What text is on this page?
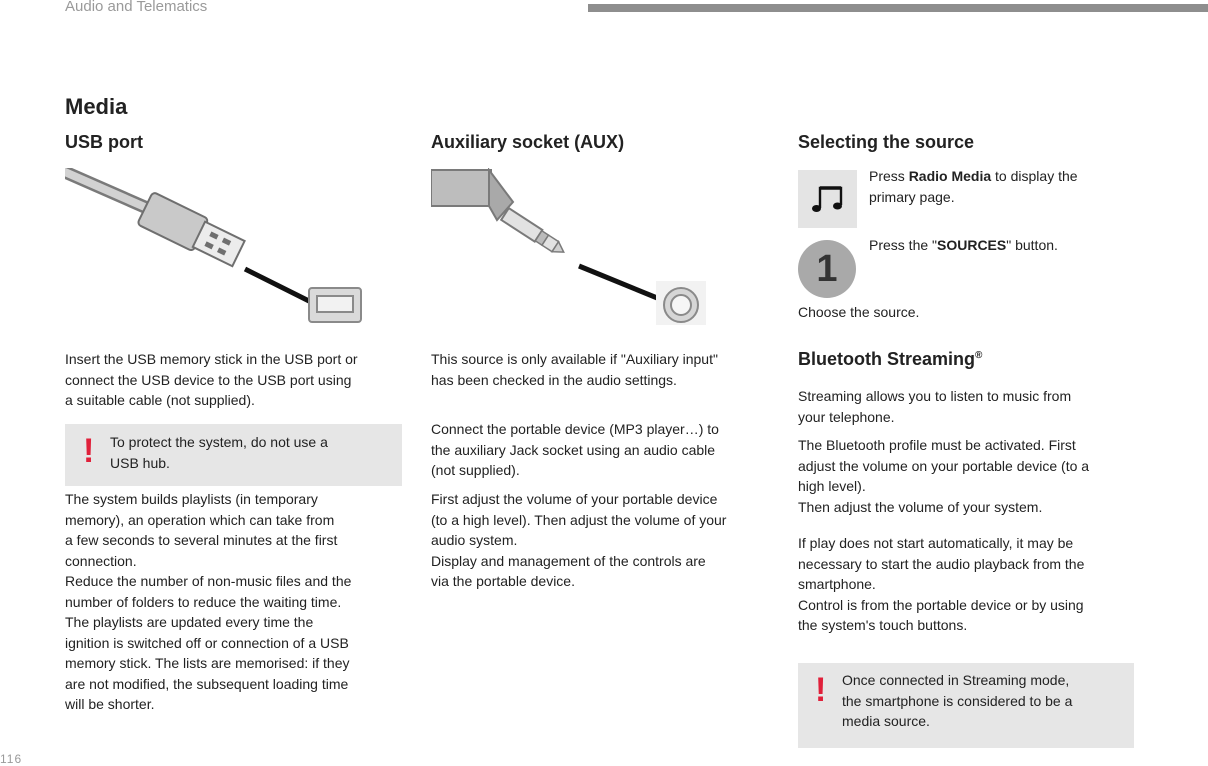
Audio and Telematics
116
Media
USB port
Insert the USB memory stick in the USB port or
connect the USB device to the USB port using
a suitable cable (not supplied).
! To protect the system, do not use a
USB hub.
The system builds playlists (in temporary
memory), an operation which can take from
a few seconds to several minutes at the first
connection.
Reduce the number of non-music files and the
number of folders to reduce the waiting time.
The playlists are updated every time the
ignition is switched off or connection of a USB
memory stick. The lists are memorised: if they
are not modified, the subsequent loading time
will be shorter.
Auxiliary socket (AUX)
This source is only available if "Auxiliary input"
has been checked in the audio settings.
Connect the portable device (MP3 player…) to
the auxiliary Jack socket using an audio cable
(not supplied).
First adjust the volume of your portable device
(to a high level). Then adjust the volume of your
audio system.
Display and management of the controls are
via the portable device.
Selecting the source
Press Radio Media to display the
primary page.
1
Press the "SOURCES" button.
Choose the source.
Bluetooth Streaming®
Streaming allows you to listen to music from
your telephone.
The Bluetooth profile must be activated. First
adjust the volume on your portable device (to a
high level).
Then adjust the volume of your system.
If play does not start automatically, it may be
necessary to start the audio playback from the
smartphone.
Control is from the portable device or by using
the system's touch buttons.
! Once connected in Streaming mode,
the smartphone is considered to be a
media source.
